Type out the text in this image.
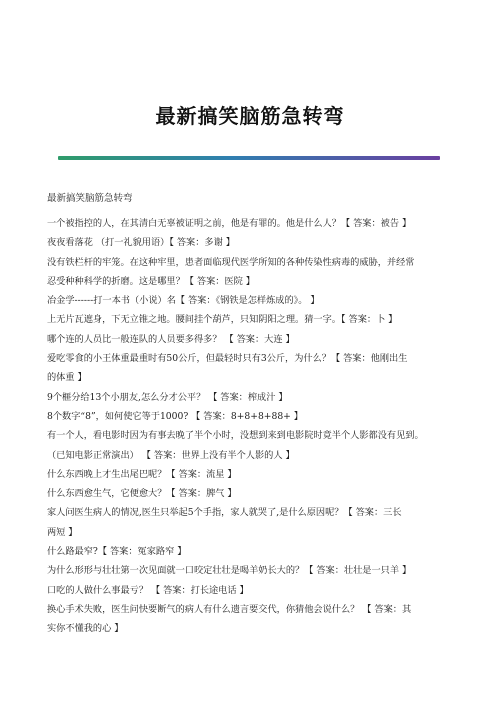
最新搞笑脑筋急转弯
最新搞笑脑筋急转弯
一个被指控的人，在其清白无辜被证明之前，他是有罪的。他是什么人？【 答案：被告 】
夜夜看落花 （打一礼貌用语）【 答案：多谢 】
没有铁栏杆的牢笼。在这种牢里，患者面临现代医学所知的各种传染性病毒的威胁，并经常
忍受种种科学的折磨。这是哪里？【 答案：医院 】
冶金学------打一本书（小说）名【 答案：《钢铁是怎样炼成的》。 】
上无片瓦遮身，下无立锥之地。腰间挂个葫芦，只知阴阳之理。猜一字。【 答案：卜 】
哪个连的人员比一般连队的人员要多得多？ 【 答案：大连 】
爱吃零食的小王体重最重时有50公斤，但最轻时只有3公斤，为什么？【 答案：他刚出生
的体重 】
9个榧分给13个小朋友,怎么分才公平？ 【 答案：榨成汁 】
8个数字“8”，如何使它等于1000? 【 答案：8+8+8+88+ 】
有一个人，看电影时因为有事去晚了半个小时，没想到来到电影院时竟半个人影都没有见到。
（已知电影正常演出） 【 答案：世界上没有半个人影的人 】
什么东西晚上才生出尾巴呢？【 答案：流星 】
什么东西愈生气，它便愈大？【 答案：脾气 】
家人问医生病人的情况,医生只举起5个手指，家人就哭了,是什么原因呢？【 答案：三长
两短 】
什么路最窄?【 答案：冤家路窄 】
为什么形形与壮壮第一次见面就一口咬定壮壮是喝羊奶长大的？【 答案：壮壮是一只羊 】
口吃的人做什么事最亏？ 【 答案：打长途电话 】
换心手术失败，医生问快要断气的病人有什么遗言要交代，你猜他会说什么？ 【 答案：其
实你不懂我的心 】
